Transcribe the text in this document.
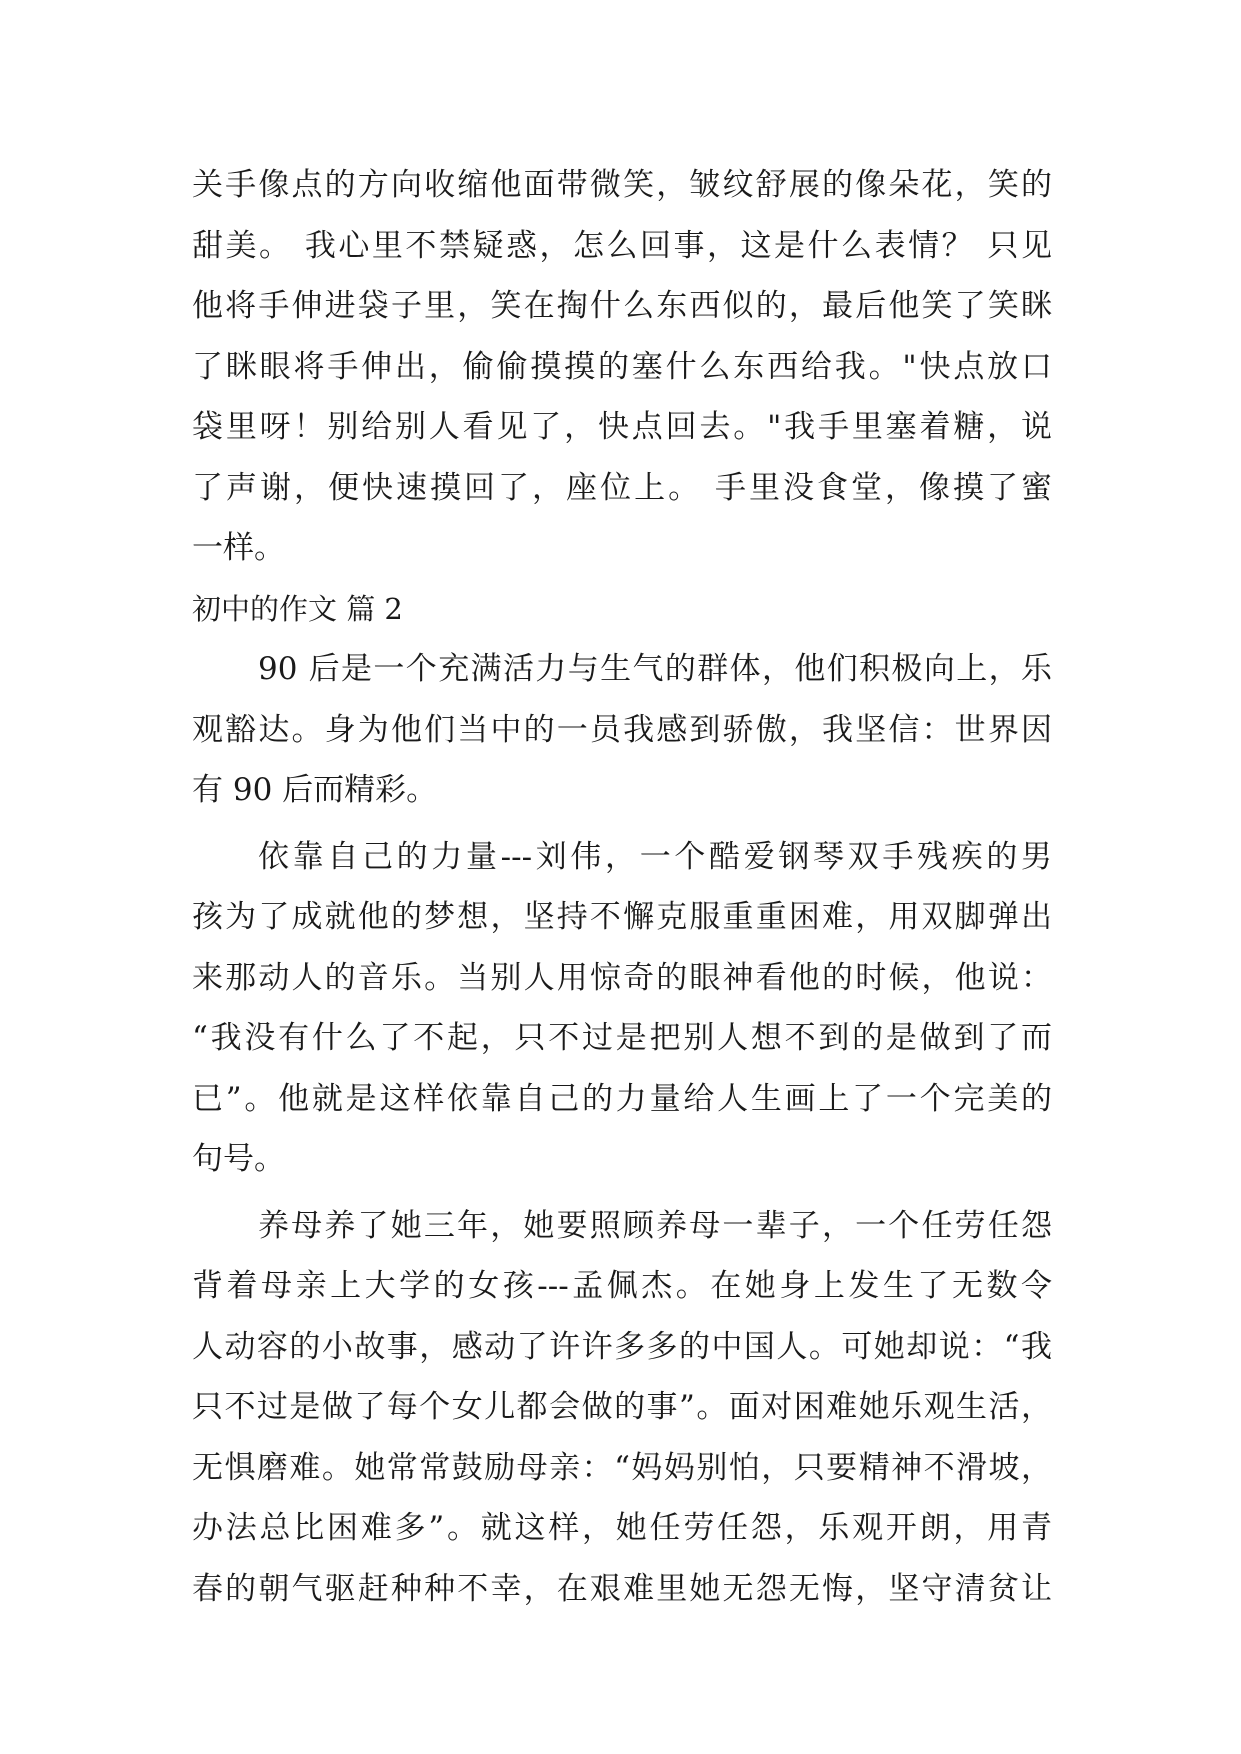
关手像点的方向收缩他面带微笑，皱纹舒展的像朵花，笑的
甜美。 我心里不禁疑惑，怎么回事，这是什么表情？ 只见
他将手伸进袋子里，笑在掏什么东西似的，最后他笑了笑眯
了眯眼将手伸出，偷偷摸摸的塞什么东西给我。"快点放口
袋里呀！别给别人看见了，快点回去。"我手里塞着糖，说
了声谢，便快速摸回了，座位上。 手里没食堂，像摸了蜜
一样。
初中的作文 篇 2
90 后是一个充满活力与生气的群体，他们积极向上，乐
观豁达。身为他们当中的一员我感到骄傲，我坚信：世界因
有 90 后而精彩。
依靠自己的力量---刘伟，一个酷爱钢琴双手残疾的男
孩为了成就他的梦想，坚持不懈克服重重困难，用双脚弹出
来那动人的音乐。当别人用惊奇的眼神看他的时候，他说：
“我没有什么了不起，只不过是把别人想不到的是做到了而
已”。他就是这样依靠自己的力量给人生画上了一个完美的
句号。
养母养了她三年，她要照顾养母一辈子，一个任劳任怨
背着母亲上大学的女孩---孟佩杰。在她身上发生了无数令
人动容的小故事，感动了许许多多的中国人。可她却说：“我
只不过是做了每个女儿都会做的事”。面对困难她乐观生活，
无惧磨难。她常常鼓励母亲：“妈妈别怕，只要精神不滑坡，
办法总比困难多”。就这样，她任劳任怨，乐观开朗，用青
春的朝气驱赶种种不幸，在艰难里她无怨无悔，坚守清贫让
